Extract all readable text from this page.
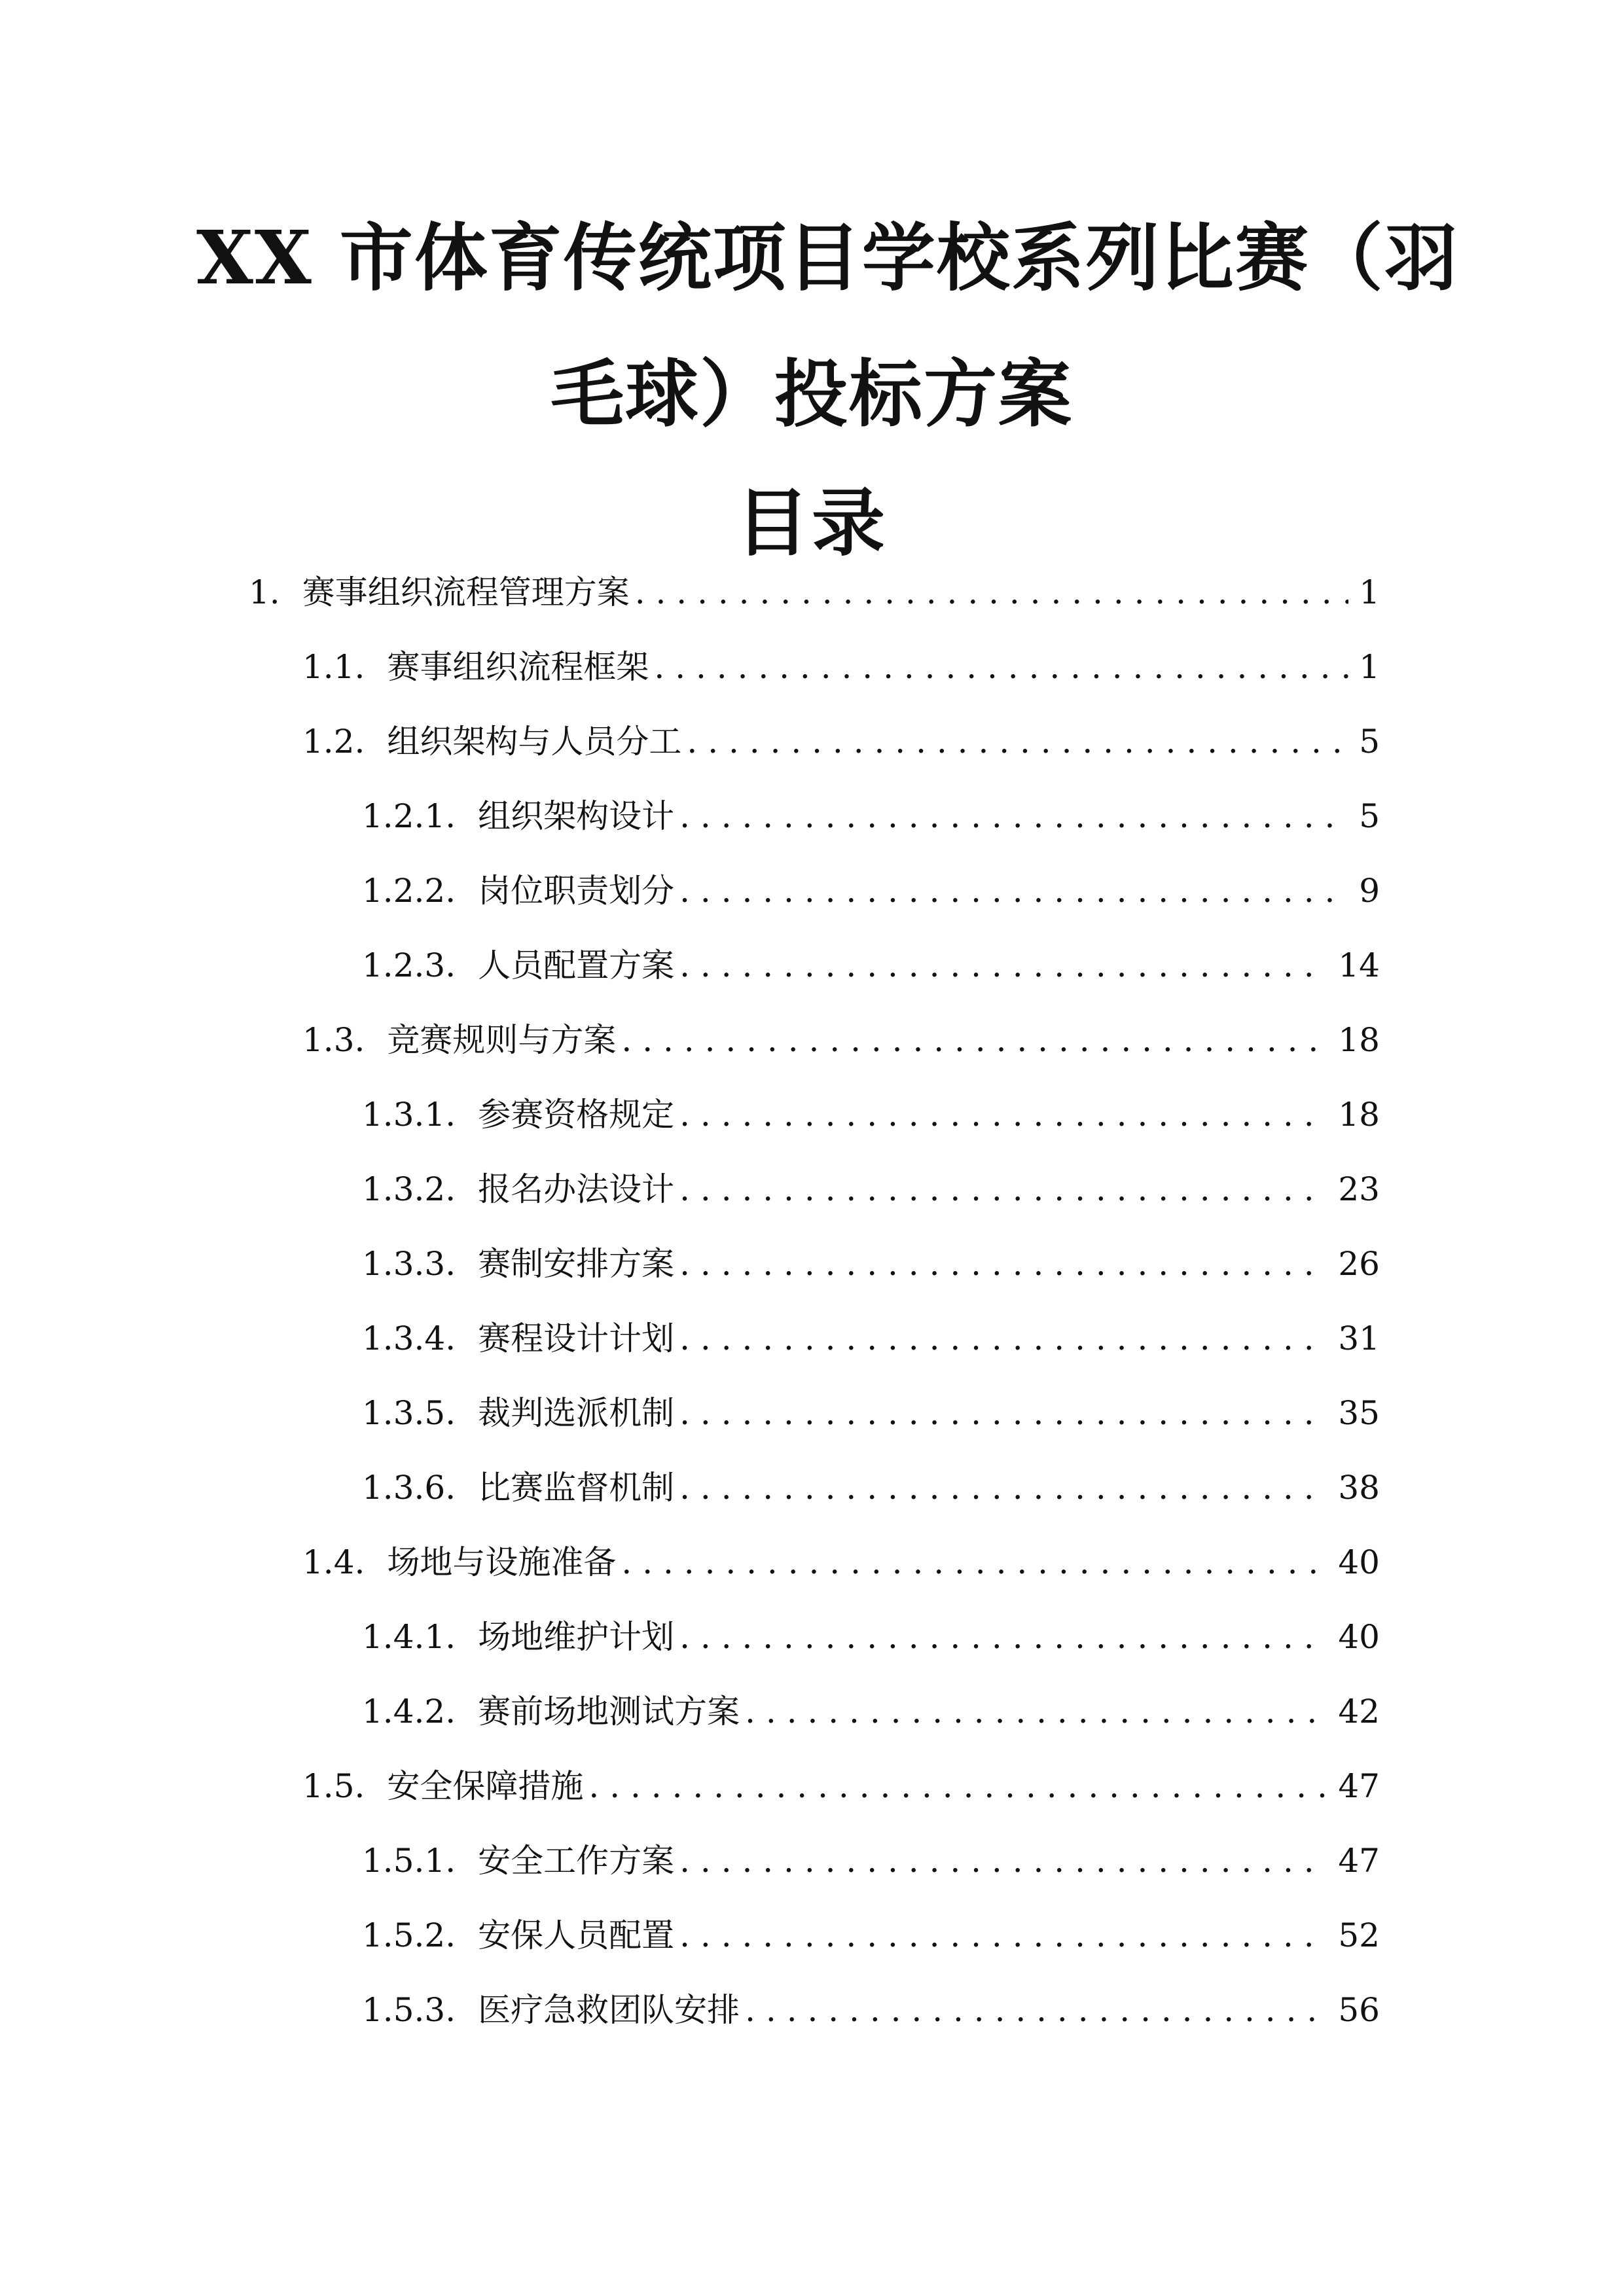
XX 市体育传统项目学校系列比赛（羽
毛球）投标方案
目录
1. 赛事组织流程管理方案 . . .	1
1.1. 赛事组织流程框架 . . .	1
1.2. 组织架构与人员分工 . . .	5
1.2.1. 组织架构设计 . . .	5
1.2.2. 岗位职责划分 . . .	9
1.2.3. 人员配置方案 . . .	14
1.3. 竞赛规则与方案 . . .	18
1.3.1. 参赛资格规定 . . .	18
1.3.2. 报名办法设计 . . .	23
1.3.3. 赛制安排方案 . . .	26
1.3.4. 赛程设计计划 . . .	31
1.3.5. 裁判选派机制 . . .	35
1.3.6. 比赛监督机制 . . .	38
1.4. 场地与设施准备 . . .	40
1.4.1. 场地维护计划 . . .	40
1.4.2. 赛前场地测试方案 . . .	42
1.5. 安全保障措施 . . .	47
1.5.1. 安全工作方案 . . .	47
1.5.2. 安保人员配置 . . .	52
1.5.3. 医疗急救团队安排 . . .	56
